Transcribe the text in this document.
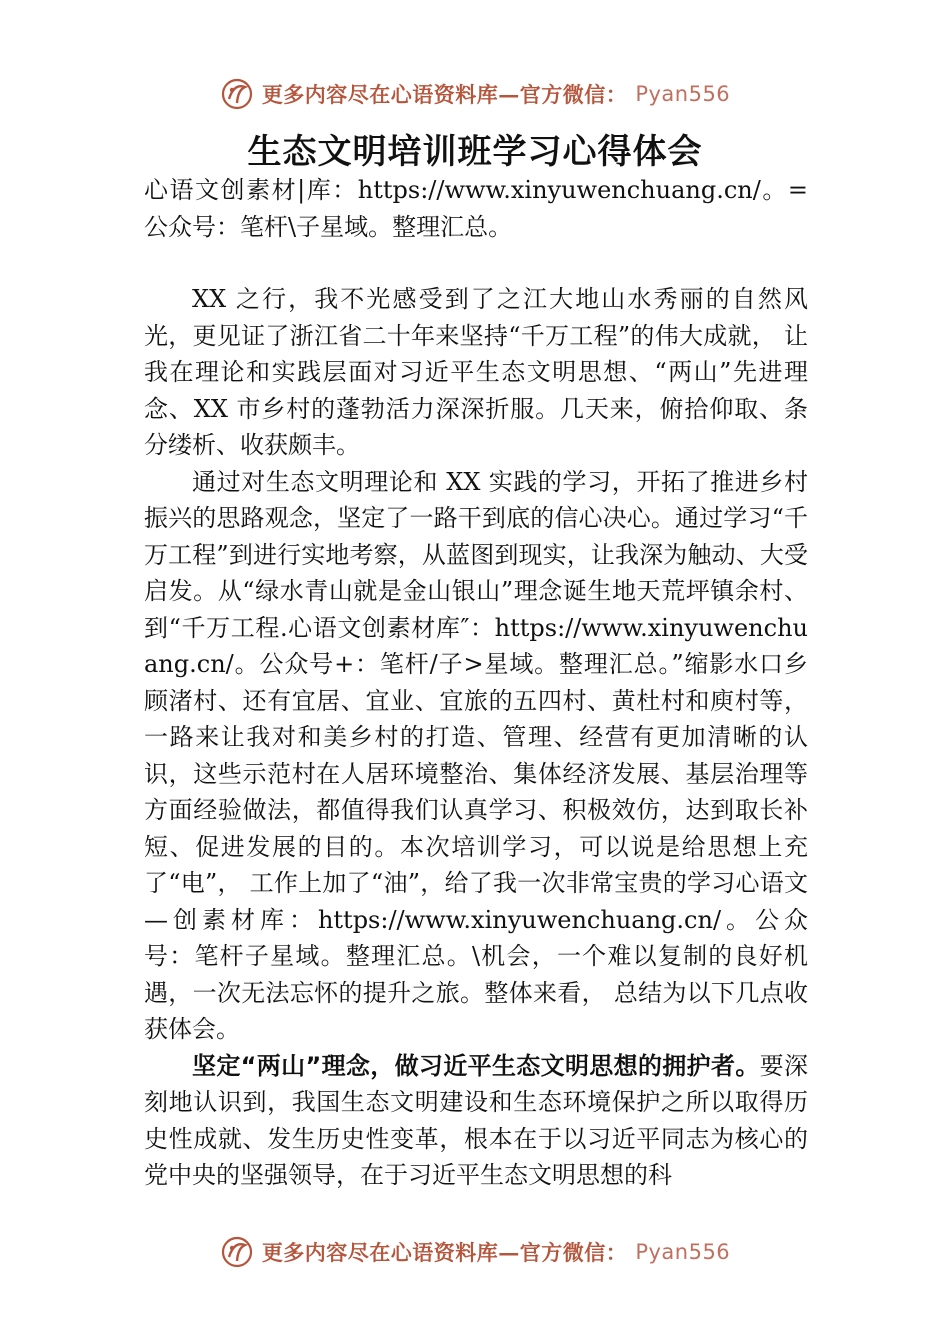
更多内容尽在心语资料库—官方微信： Pyan556
生态文明培训班学习心得体会

心语文创素材|库：https://www.xinyuwenchuang.cn/。=公众号：笔杆\子星域。整理汇总。

XX 之行，我不光感受到了之江大地山水秀丽的自然风光，更见证了浙江省二十年来坚持“千万工程”的伟大成就， 让我在理论和实践层面对习近平生态文明思想、“两山”先进理念、XX 市乡村的蓬勃活力深深折服。几天来，俯拾仰取、条分缕析、收获颇丰。

通过对生态文明理论和 XX 实践的学习，开拓了推进乡村振兴的思路观念，坚定了一路干到底的信心决心。通过学习“千万工程”到进行实地考察，从蓝图到现实，让我深为触动、大受启发。从“绿水青山就是金山银山”理念诞生地天荒坪镇余村、到“千万工程.心语文创素材库″：https://www.xinyuwenchuang.cn/。公众号+：笔杆/子>星域。整理汇总。”缩影水口乡顾渚村、还有宜居、宜业、宜旅的五四村、黄杜村和庾村等，一路来让我对和美乡村的打造、管理、经营有更加清晰的认识，这些示范村在人居环境整治、集体经济发展、基层治理等方面经验做法，都值得我们认真学习、积极效仿，达到取长补短、促进发展的目的。本次培训学习，可以说是给思想上充了“电”， 工作上加了“油”，给了我一次非常宝贵的学习心语文—创素材库：https://www.xinyuwenchuang.cn/。公众号：笔杆子星域。整理汇总。\机会，一个难以复制的良好机遇，一次无法忘怀的提升之旅。整体来看， 总结为以下几点收获体会。

坚定“两山”理念，做习近平生态文明思想的拥护者。要深刻地认识到，我国生态文明建设和生态环境保护之所以取得历史性成就、发生历史性变革，根本在于以习近平同志为核心的党中央的坚强领导，在于习近平生态文明思想的科

更多内容尽在心语资料库—官方微信： Pyan556
